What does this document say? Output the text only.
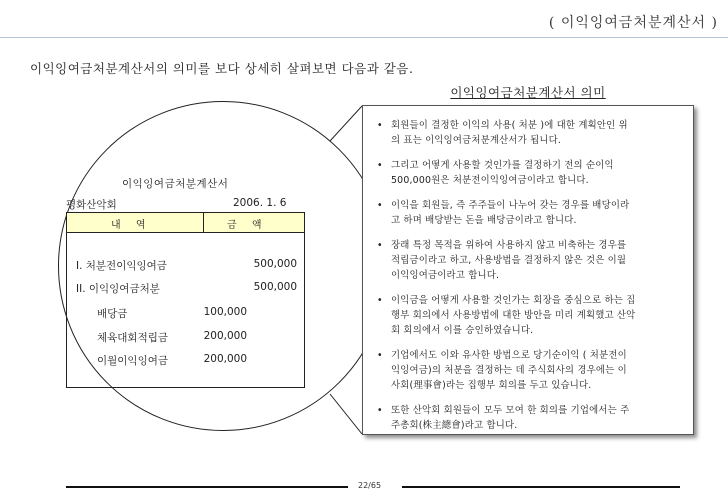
( 이익잉여금처분계산서 )
이익잉여금처분계산서의 의미를 보다 상세히 살펴보면 다음과 같음.
이익잉여금처분계산서 의미
이익잉여금처분계산서
평화산악회	2006. 1. 6
내 역	금 액
I. 처분전이익잉여금	500,000
II. 이익잉여금처분	500,000
배당금	100,000
체육대회적립금	200,000
이월이익잉여금	200,000
• 회원들이 결정한 이익의 사용( 처분 )에 대한 계획안인 위
의 표는 이익잉여금처분계산서가 됩니다.
• 그리고 어떻게 사용할 것인가를 결정하기 전의 순이익
500,000원은 처분전이익잉여금이라고 합니다.
• 이익을 회원들, 즉 주주들이 나누어 갖는 경우를 배당이라
고 하며 배당받는 돈을 배당금이라고 합니다.
• 장래 특정 목적을 위하여 사용하지 않고 비축하는 경우를
적립금이라고 하고, 사용방법을 결정하지 않은 것은 이월
이익잉여금이라고 합니다.
• 이익금을 어떻게 사용할 것인가는 회장을 중심으로 하는 집
행부 회의에서 사용방법에 대한 방안을 미리 계획했고 산악
회 회의에서 이를 승인하였습니다.
• 기업에서도 이와 유사한 방법으로 당기순이익 ( 처분전이
익잉여금)의 처분을 결정하는 데 주식회사의 경우에는 이
사회(理事會)라는 집행부 회의를 두고 있습니다.
• 또한 산악회 회원들이 모두 모여 한 회의를 기업에서는 주
주총회(株主總會)라고 합니다.
22/65
